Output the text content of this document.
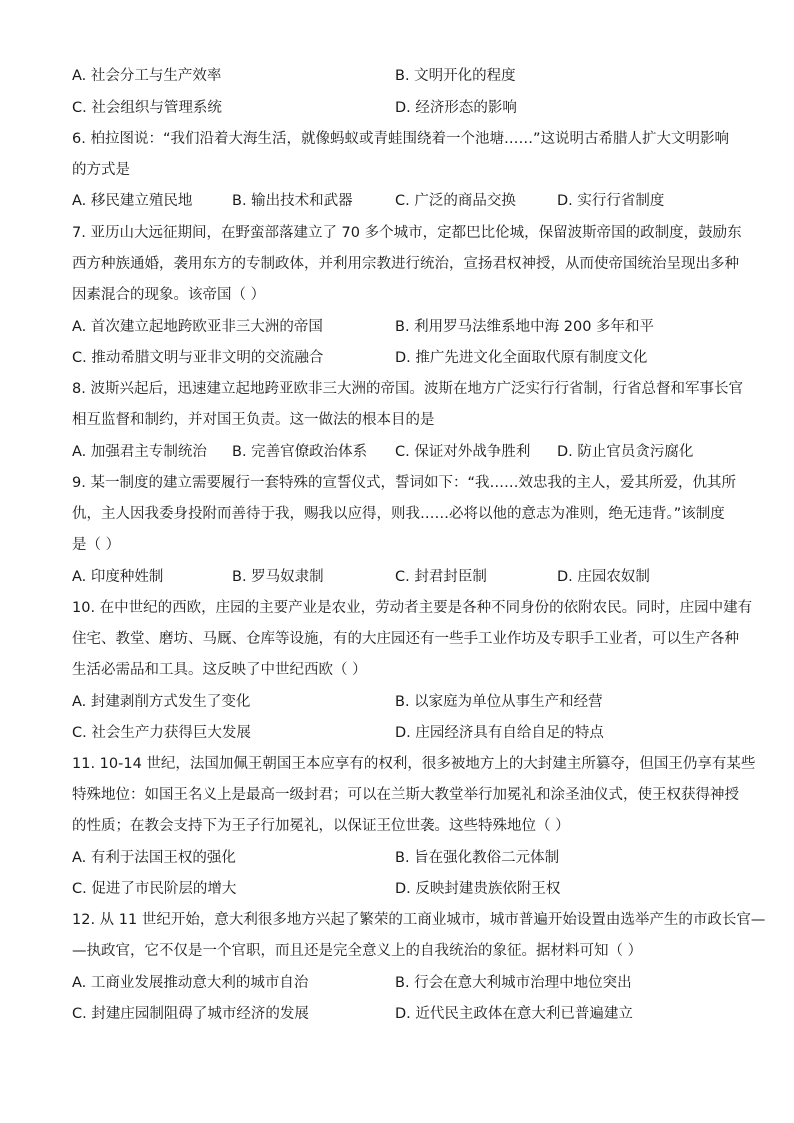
A. 社会分工与生产效率	B. 文明开化的程度
C. 社会组织与管理系统	D. 经济形态的影响
6. 柏拉图说：“我们沿着大海生活，就像蚂蚁或青蛙围绕着一个池塘……”这说明古希腊人扩大文明影响
的方式是
A. 移民建立殖民地	B. 输出技术和武器	C. 广泛的商品交换	D. 实行行省制度
7. 亚历山大远征期间，在野蛮部落建立了 70 多个城市，定都巴比伦城，保留波斯帝国的政制度，鼓励东
西方种族通婚，袭用东方的专制政体，并利用宗教进行统治，宣扬君权神授，从而使帝国统治呈现出多种
因素混合的现象。该帝国（ ）
A. 首次建立起地跨欧亚非三大洲的帝国	B. 利用罗马法维系地中海 200 多年和平
C. 推动希腊文明与亚非文明的交流融合	D. 推广先进文化全面取代原有制度文化
8. 波斯兴起后，迅速建立起地跨亚欧非三大洲的帝国。波斯在地方广泛实行行省制，行省总督和军事长官
相互监督和制约，并对国王负责。这一做法的根本目的是
A. 加强君主专制统治 B. 完善官僚政治体系 C. 保证对外战争胜利 D. 防止官员贪污腐化
9. 某一制度的建立需要履行一套特殊的宣誓仪式，誓词如下：“我……效忠我的主人，爱其所爱，仇其所
仇，主人因我委身投附而善待于我，赐我以应得，则我……必将以他的意志为准则，绝无违背。”该制度
是（ ）
A. 印度种姓制	B. 罗马奴隶制	C. 封君封臣制	D. 庄园农奴制
10. 在中世纪的西欧，庄园的主要产业是农业，劳动者主要是各种不同身份的依附农民。同时，庄园中建有
住宅、教堂、磨坊、马厩、仓库等设施，有的大庄园还有一些手工业作坊及专职手工业者，可以生产各种
生活必需品和工具。这反映了中世纪西欧（ ）
A. 封建剥削方式发生了变化	B. 以家庭为单位从事生产和经营
C. 社会生产力获得巨大发展	D. 庄园经济具有自给自足的特点
11. 10-14 世纪，法国加佩王朝国王本应享有的权利，很多被地方上的大封建主所篡夺，但国王仍享有某些
特殊地位：如国王名义上是最高一级封君；可以在兰斯大教堂举行加冕礼和涂圣油仪式，使王权获得神授
的性质；在教会支持下为王子行加冕礼，以保证王位世袭。这些特殊地位（ ）
A. 有利于法国王权的强化	B. 旨在强化教俗二元体制
C. 促进了市民阶层的增大	D. 反映封建贵族依附王权
12. 从 11 世纪开始，意大利很多地方兴起了繁荣的工商业城市，城市普遍开始设置由选举产生的市政长官—
—执政官，它不仅是一个官职，而且还是完全意义上的自我统治的象征。据材料可知（ ）
A. 工商业发展推动意大利的城市自治	B. 行会在意大利城市治理中地位突出
C. 封建庄园制阻碍了城市经济的发展	D. 近代民主政体在意大利已普遍建立
